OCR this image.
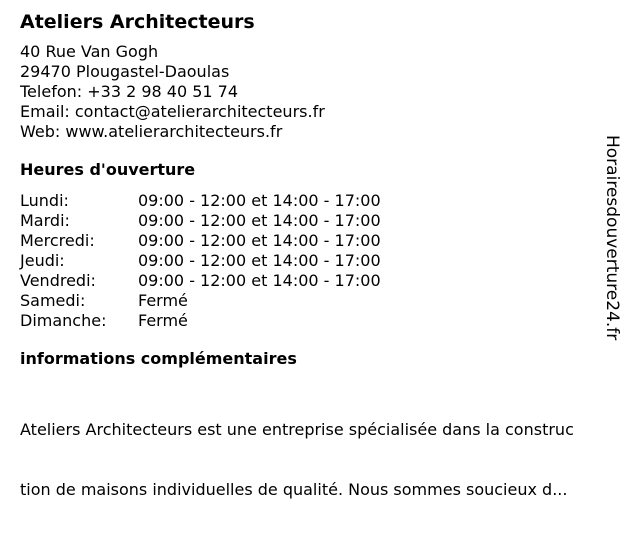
Ateliers Architecteurs
40 Rue Van Gogh
29470 Plougastel-Daoulas
Telefon: +33 2 98 40 51 74
Email: contact@atelierarchitecteurs.fr
Web: www.atelierarchitecteurs.fr
Heures d'ouverture
Lundi:	09:00 - 12:00 et 14:00 - 17:00
Mardi:	09:00 - 12:00 et 14:00 - 17:00
Mercredi:	09:00 - 12:00 et 14:00 - 17:00
Jeudi:	09:00 - 12:00 et 14:00 - 17:00
Vendredi:	09:00 - 12:00 et 14:00 - 17:00
Samedi:	Fermé
Dimanche:	Fermé
informations complémentaires

Ateliers Architecteurs est une entreprise spécialisée dans la construc

tion de maisons individuelles de qualité. Nous sommes soucieux d...

Horairesdouverture24.fr
